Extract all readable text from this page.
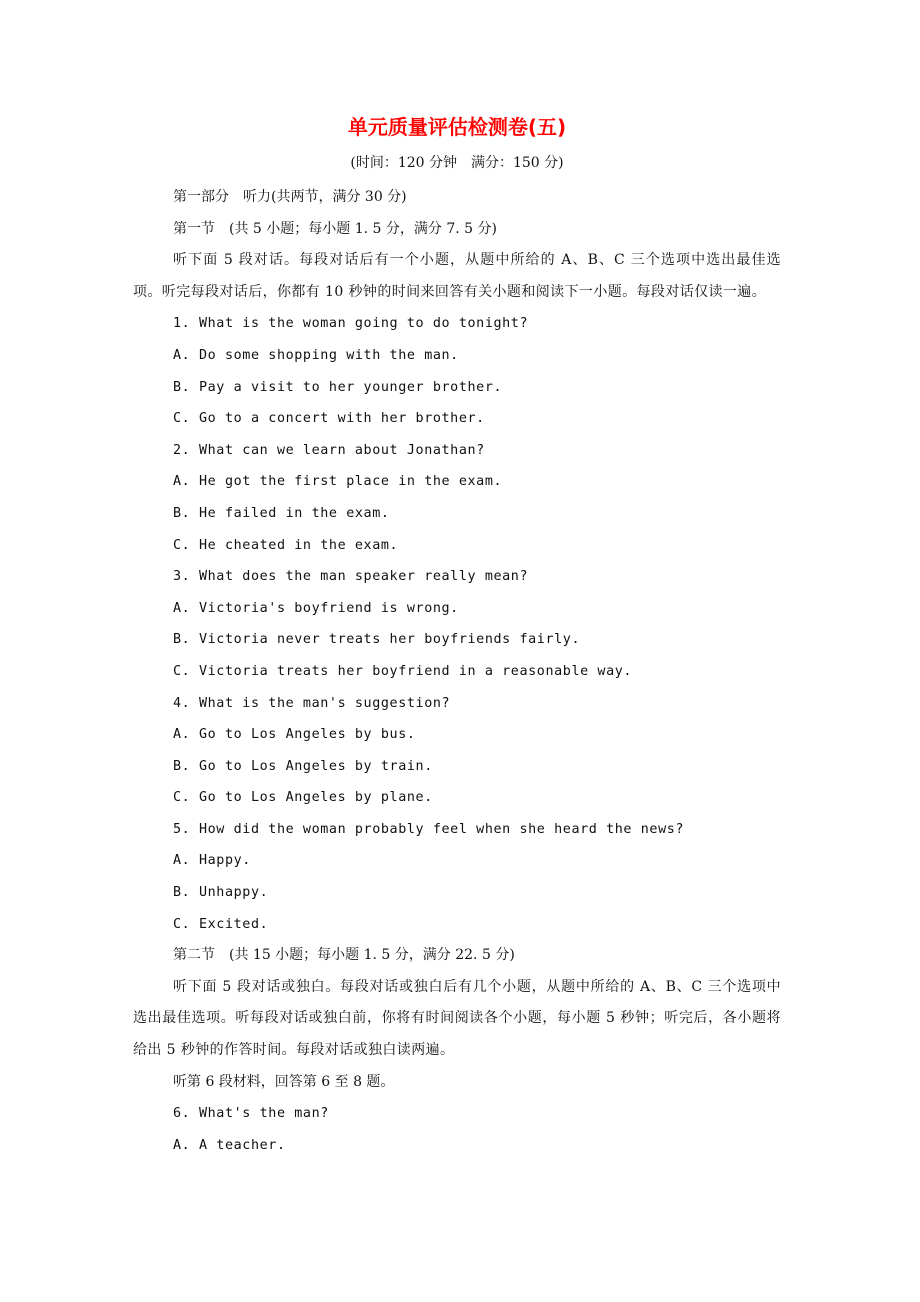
单元质量评估检测卷(五)
(时间：120 分钟　满分：150 分)
第一部分　听力(共两节，满分 30 分)
第一节　(共 5 小题；每小题 1. 5 分，满分 7. 5 分)
听下面 5 段对话。每段对话后有一个小题，从题中所给的 A、B、C 三个选项中选出最佳选项。听完每段对话后，你都有 10 秒钟的时间来回答有关小题和阅读下一小题。每段对话仅读一遍。
1. What is the woman going to do tonight?
A. Do some shopping with the man.
B. Pay a visit to her younger brother.
C. Go to a concert with her brother.
2. What can we learn about Jonathan?
A. He got the first place in the exam.
B. He failed in the exam.
C. He cheated in the exam.
3. What does the man speaker really mean?
A. Victoria's boyfriend is wrong.
B. Victoria never treats her boyfriends fairly.
C. Victoria treats her boyfriend in a reasonable way.
4. What is the man's suggestion?
A. Go to Los Angeles by bus.
B. Go to Los Angeles by train.
C. Go to Los Angeles by plane.
5. How did the woman probably feel when she heard the news?
A. Happy.
B. Unhappy.
C. Excited.
第二节　(共 15 小题；每小题 1. 5 分，满分 22. 5 分)
听下面 5 段对话或独白。每段对话或独白后有几个小题，从题中所给的 A、B、C 三个选项中选出最佳选项。听每段对话或独白前，你将有时间阅读各个小题，每小题 5 秒钟；听完后，各小题将给出 5 秒钟的作答时间。每段对话或独白读两遍。
听第 6 段材料，回答第 6 至 8 题。
6. What's the man?
A. A teacher.
